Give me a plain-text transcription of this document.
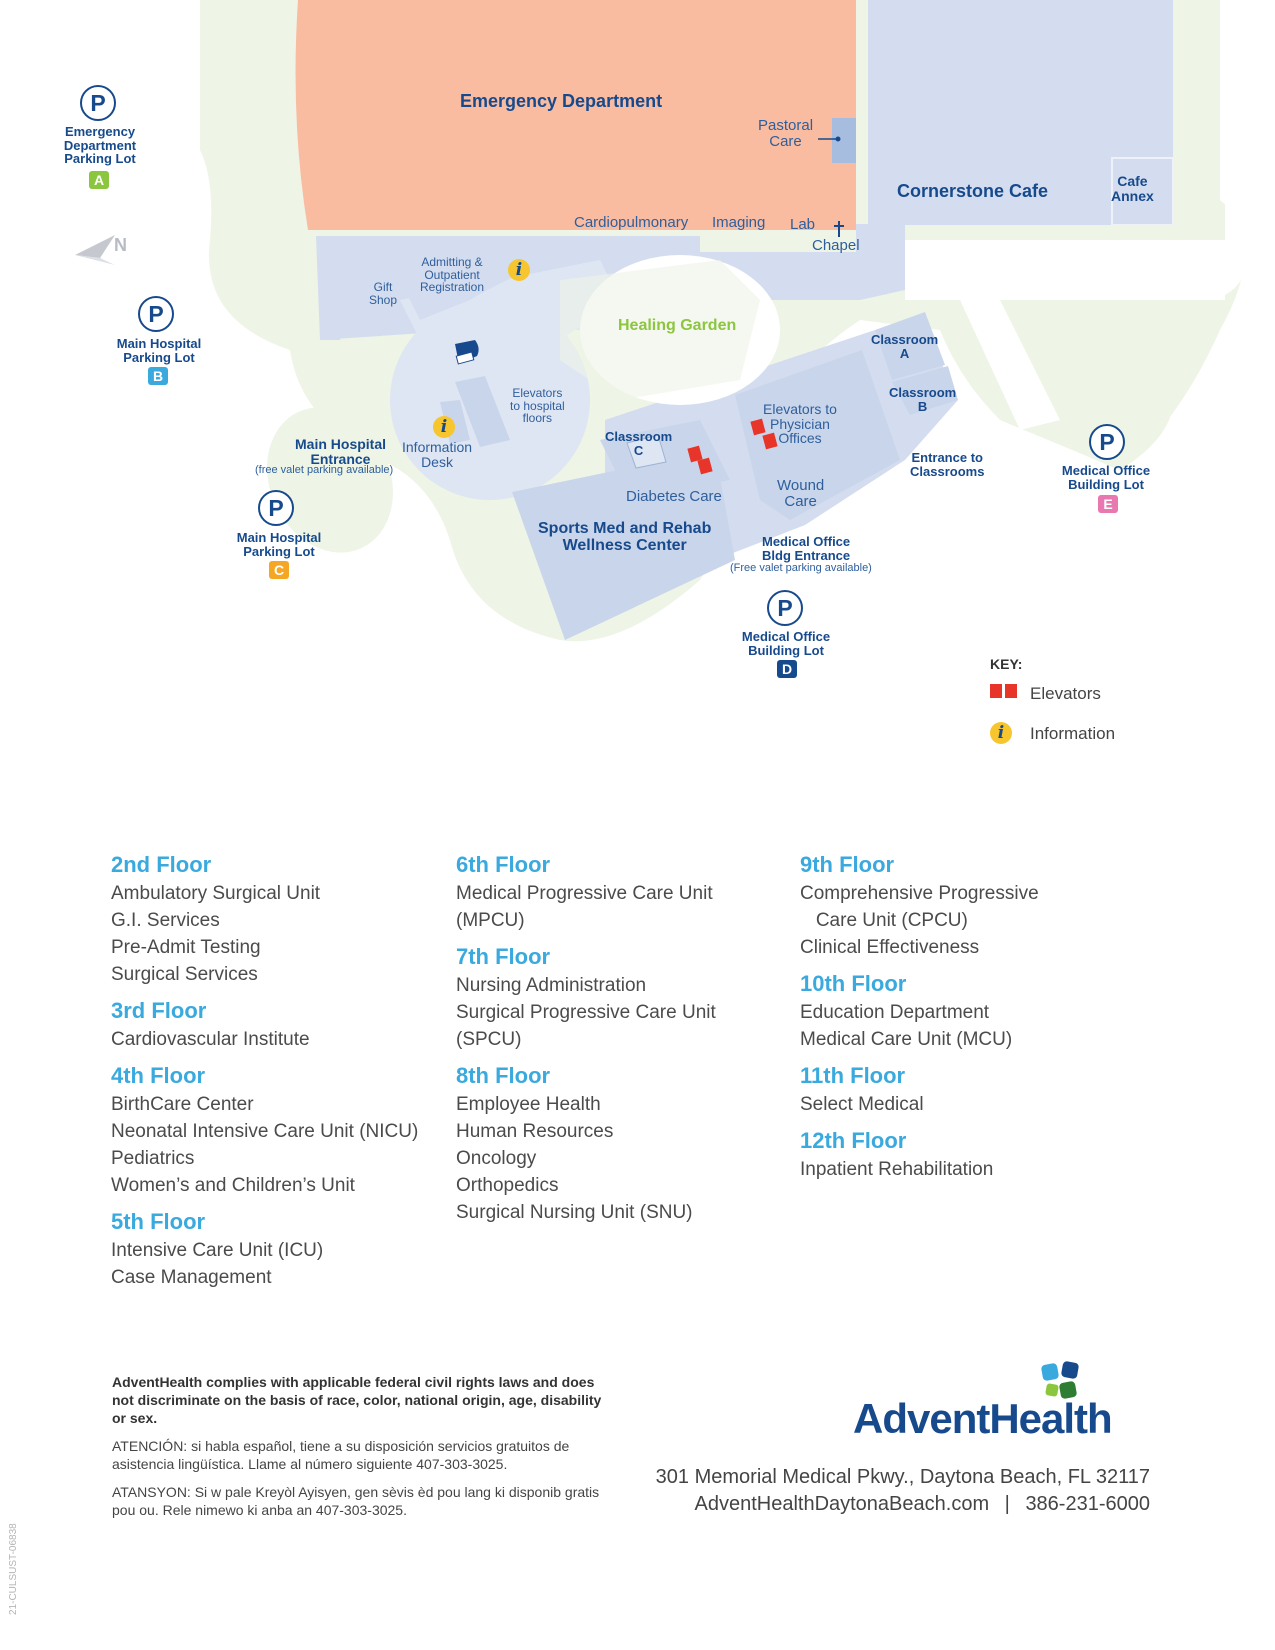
Emergency Department
Pastoral
Care
Cornerstone Cafe	Cafe
Annex
Cardiopulmonary Imaging Lab
Chapel
Admitting &
Outpatient
Registration
Gift
Shop
Healing Garden
Classroom
A
Classroom
B
Classroom
C
Elevators
to hospital
floors
Elevators to
Physician
Offices
Information
Desk
Main Hospital
Entrance
(free valet parking available)
Diabetes Care
Wound
Care
Sports Med and Rehab
Wellness Center
Entrance to
Classrooms
Medical Office
Bldg Entrance
(Free valet parking available)
N
i
i
P
Emergency
Department
Parking Lot
A
P
Main Hospital
Parking Lot
B
P
Main Hospital
Parking Lot
C
P
Medical Office
Building Lot
D
P
Medical Office
Building Lot
E
KEY:
Elevators
i	Information
2nd Floor
Ambulatory Surgical Unit
G.I. Services
Pre-Admit Testing
Surgical Services
3rd Floor
Cardiovascular Institute
4th Floor
BirthCare Center
Neonatal Intensive Care Unit (NICU)
Pediatrics
Women’s and Children’s Unit
5th Floor
Intensive Care Unit (ICU)
Case Management
6th Floor
Medical Progressive Care Unit
(MPCU)
7th Floor
Nursing Administration
Surgical Progressive Care Unit
(SPCU)
8th Floor
Employee Health
Human Resources
Oncology
Orthopedics
Surgical Nursing Unit (SNU)
9th Floor
Comprehensive Progressive
Care Unit (CPCU)
Clinical Effectiveness
10th Floor
Education Department
Medical Care Unit (MCU)
11th Floor
Select Medical
12th Floor
Inpatient Rehabilitation

AdventHealth complies with applicable federal civil rights laws and does not discriminate on the basis of race, color, national origin, age, disability or sex.

ATENCIÓN: si habla español, tiene a su disposición servicios gratuitos de asistencia lingüística. Llame al número siguiente 407-303-3025.

ATANSYON: Si w pale Kreyòl Ayisyen, gen sèvis èd pou lang ki disponib gratis pou ou. Rele nimewo ki anba an 407-303-3025.

AdventHealth
301 Memorial Medical Pkwy., Daytona Beach, FL 32117
AdventHealthDaytonaBeach.com | 386-231-6000
21-CULSUST-06838
